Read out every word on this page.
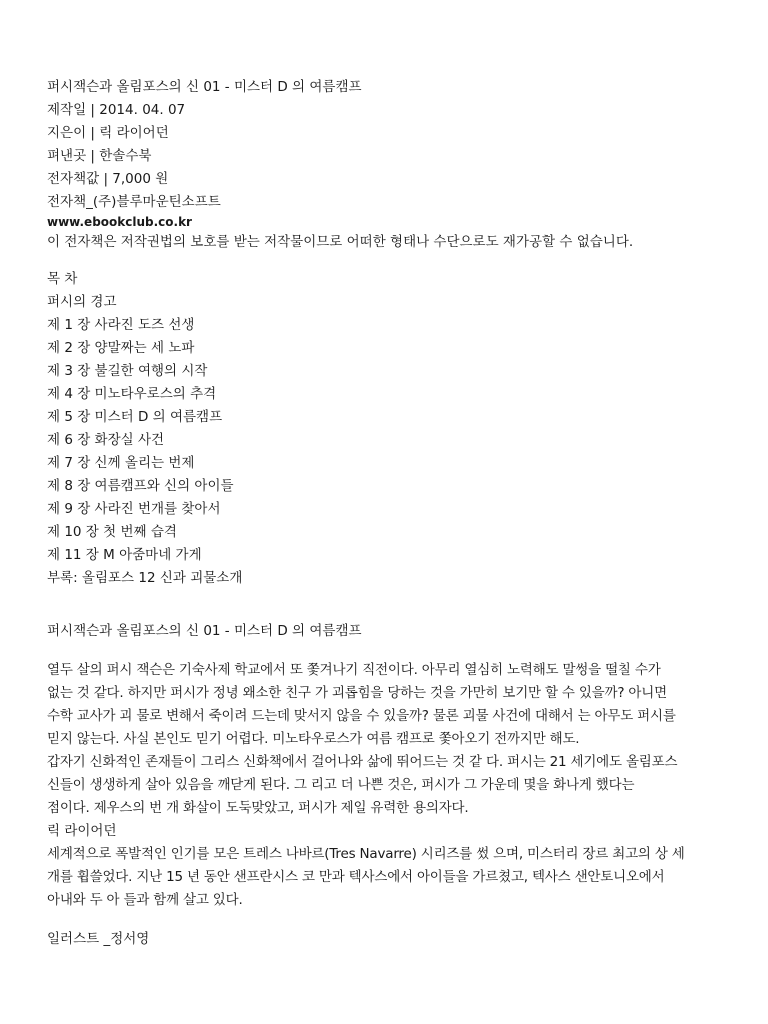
퍼시잭슨과 올림포스의 신 01 - 미스터 D 의 여름캠프
제작일 | 2014. 04. 07
지은이 | 릭 라이어던
펴낸곳 | 한솔수북
전자책값 | 7,000 원
전자책_(주)블루마운틴소프트
www.ebookclub.co.kr
이 전자책은 저작권법의 보호를 받는 저작물이므로 어떠한 형태나 수단으로도 재가공할 수 없습니다.
목 차
퍼시의 경고
제 1 장 사라진 도즈 선생
제 2 장 양말짜는 세 노파
제 3 장 불길한 여행의 시작
제 4 장 미노타우로스의 추격
제 5 장 미스터 D 의 여름캠프
제 6 장 화장실 사건
제 7 장 신께 올리는 번제
제 8 장 여름캠프와 신의 아이들
제 9 장 사라진 번개를 찾아서
제 10 장 첫 번째 습격
제 11 장 M 아줌마네 가게
부록: 올림포스 12 신과 괴물소개
퍼시잭슨과 올림포스의 신 01 - 미스터 D 의 여름캠프
열두 살의 퍼시 잭슨은 기숙사제 학교에서 또 쫓겨나기 직전이다. 아무리 열심히 노력해도 말썽을 떨칠 수가
없는 것 같다. 하지만 퍼시가 정녕 왜소한 친구 가 괴롭힘을 당하는 것을 가만히 보기만 할 수 있을까? 아니면
수학 교사가 괴 물로 변해서 죽이려 드는데 맞서지 않을 수 있을까? 물론 괴물 사건에 대해서 는 아무도 퍼시를
믿지 않는다. 사실 본인도 믿기 어렵다. 미노타우로스가 여름 캠프로 쫓아오기 전까지만 해도.
갑자기 신화적인 존재들이 그리스 신화책에서 걸어나와 삶에 뛰어드는 것 같 다. 퍼시는 21 세기에도 올림포스
신들이 생생하게 살아 있음을 깨닫게 된다. 그 리고 더 나쁜 것은, 퍼시가 그 가운데 몇을 화나게 했다는
점이다. 제우스의 번 개 화살이 도둑맞았고, 퍼시가 제일 유력한 용의자다.
릭 라이어던
세계적으로 폭발적인 인기를 모은 트레스 나바르(Tres Navarre) 시리즈를 썼 으며, 미스터리 장르 최고의 상 세
개를 휩쓸었다. 지난 15 년 동안 샌프란시스 코 만과 텍사스에서 아이들을 가르쳤고, 텍사스 샌안토니오에서
아내와 두 아 들과 함께 살고 있다.
일러스트 _정서영
